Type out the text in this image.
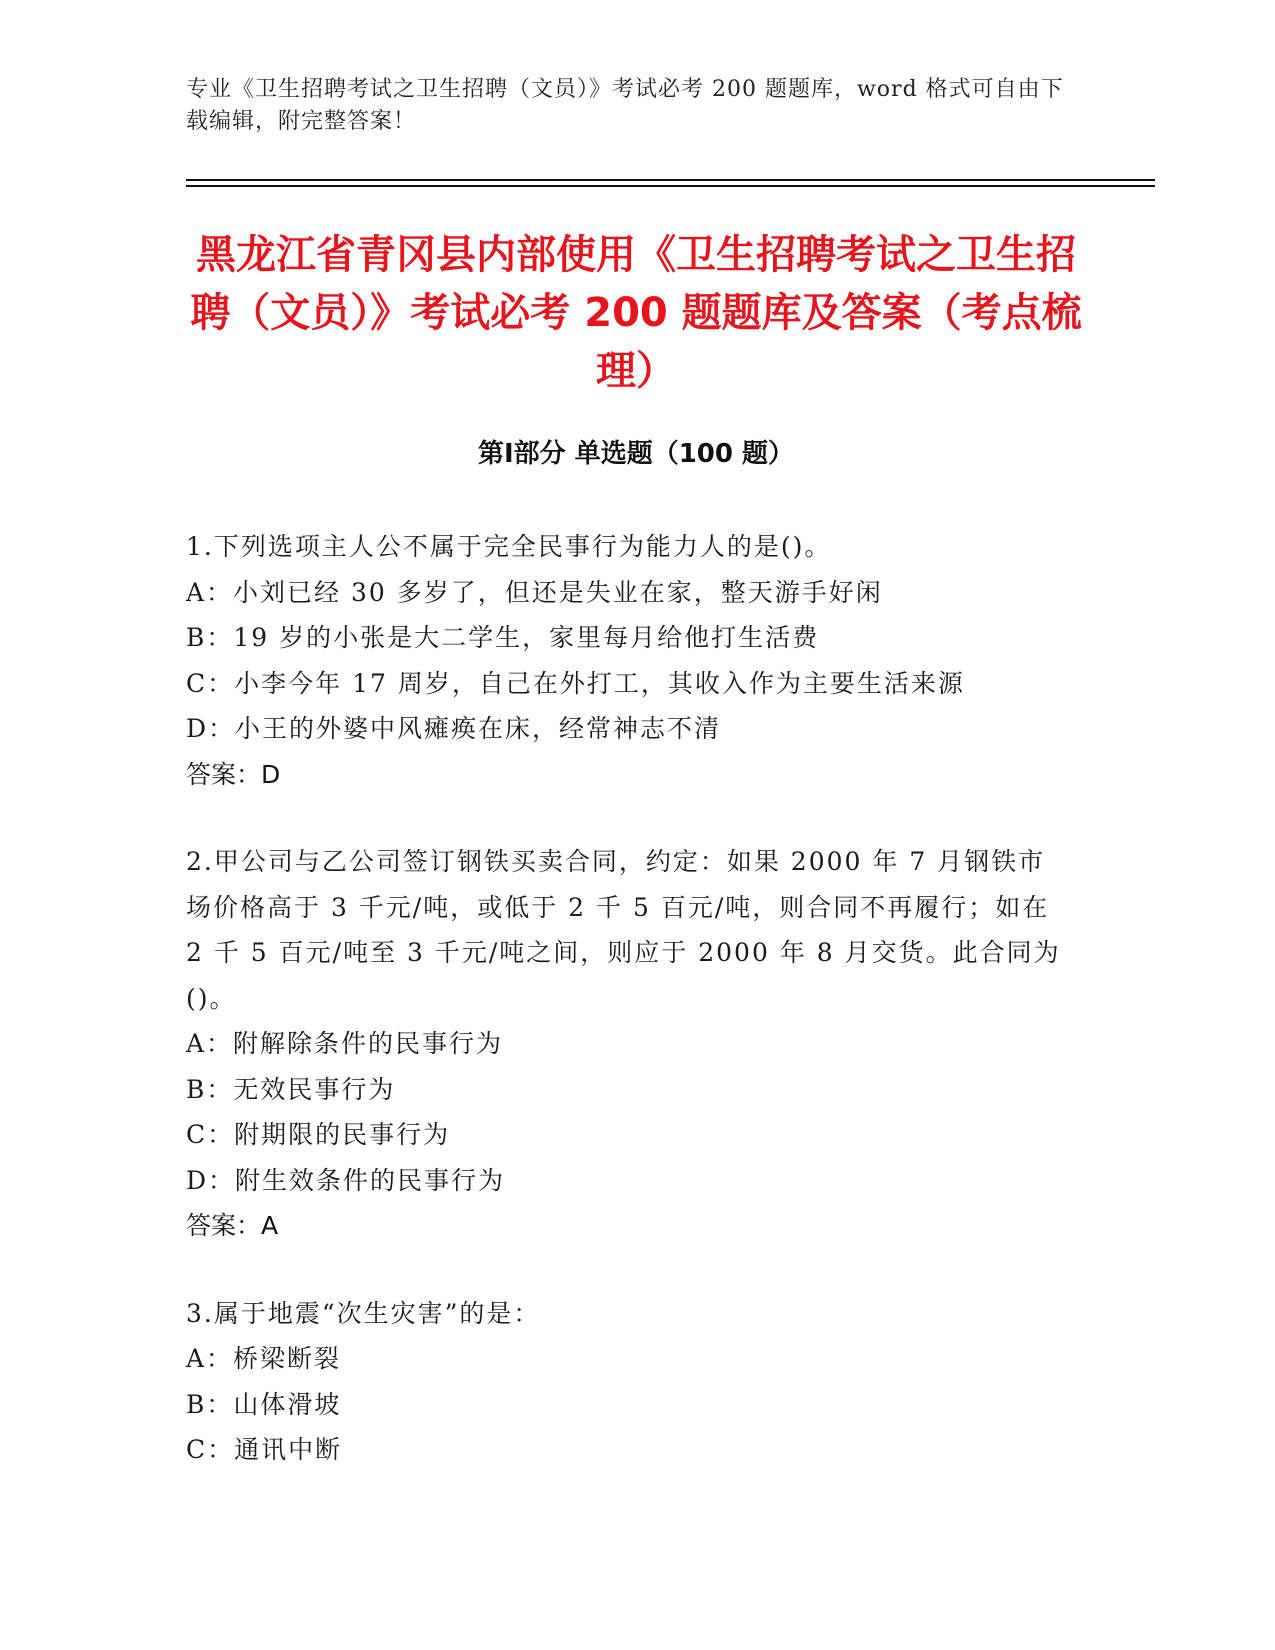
专业《卫生招聘考试之卫生招聘（文员）》考试必考 200 题题库，word 格式可自由下载编辑，附完整答案！
黑龙江省青冈县内部使用《卫生招聘考试之卫生招聘（文员）》考试必考 200 题题库及答案（考点梳理）
第Ⅰ部分 单选题（100 题）

1.下列选项主人公不属于完全民事行为能力人的是()。

A：小刘已经 30 多岁了，但还是失业在家，整天游手好闲

B：19 岁的小张是大二学生，家里每月给他打生活费

C：小李今年 17 周岁，自己在外打工，其收入作为主要生活来源

D：小王的外婆中风瘫痪在床，经常神志不清

答案：D

2.甲公司与乙公司签订钢铁买卖合同，约定：如果 2000 年 7 月钢铁市场价格高于 3 千元/吨，或低于 2 千 5 百元/吨，则合同不再履行；如在 2 千 5 百元/吨至 3 千元/吨之间，则应于 2000 年 8 月交货。此合同为()。

A：附解除条件的民事行为

B：无效民事行为

C：附期限的民事行为

D：附生效条件的民事行为

答案：A

3.属于地震“次生灾害”的是：

A：桥梁断裂

B：山体滑坡

C：通讯中断
